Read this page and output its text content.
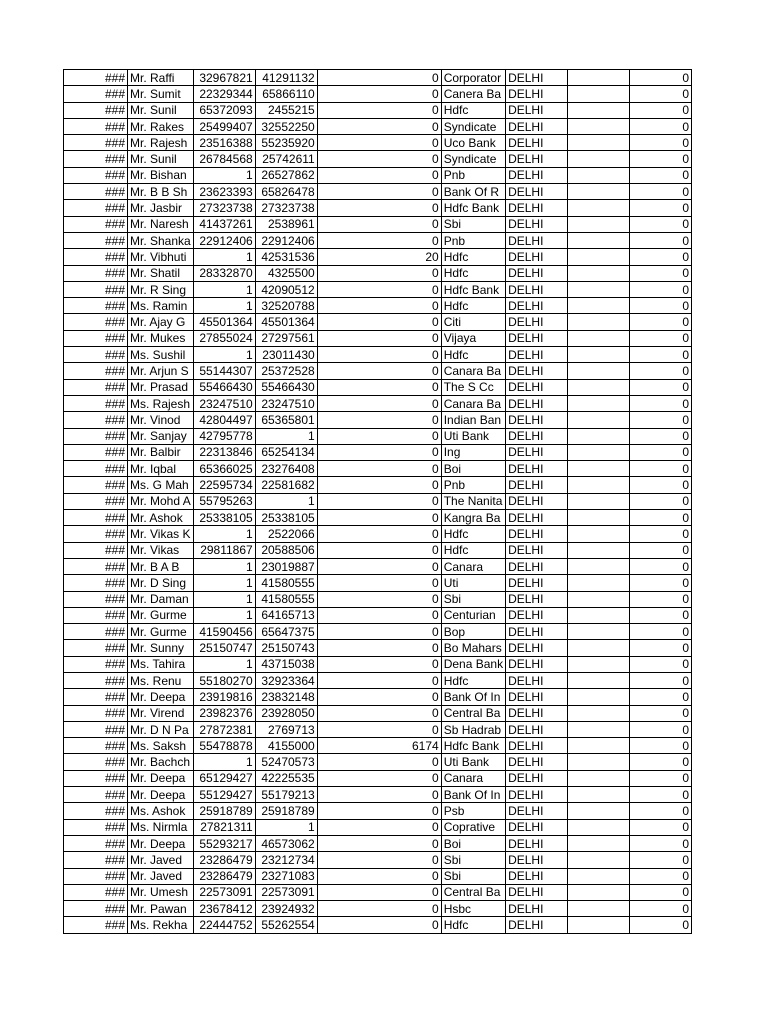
###	Mr. Raffi	32967821	41291132	0	Corporator	DELHI		0
###	Mr. Sumit	22329344	65866110	0	Canera Ba	DELHI		0
###	Mr. Sunil	65372093	2455215	0	Hdfc	DELHI		0
###	Mr. Rakes	25499407	32552250	0	Syndicate	DELHI		0
###	Mr. Rajesh	23516388	55235920	0	Uco Bank	DELHI		0
###	Mr. Sunil	26784568	25742611	0	Syndicate	DELHI		0
###	Mr. Bishan	1	26527862	0	Pnb	DELHI		0
###	Mr. B B Sh	23623393	65826478	0	Bank Of R	DELHI		0
###	Mr. Jasbir	27323738	27323738	0	Hdfc Bank	DELHI		0
###	Mr. Naresh	41437261	2538961	0	Sbi	DELHI		0
###	Mr. Shanka	22912406	22912406	0	Pnb	DELHI		0
###	Mr. Vibhuti	1	42531536	20	Hdfc	DELHI		0
###	Mr. Shatil	28332870	4325500	0	Hdfc	DELHI		0
###	Mr. R Sing	1	42090512	0	Hdfc Bank	DELHI		0
###	Ms. Ramin	1	32520788	0	Hdfc	DELHI		0
###	Mr. Ajay G	45501364	45501364	0	Citi	DELHI		0
###	Mr. Mukes	27855024	27297561	0	Vijaya	DELHI		0
###	Ms. Sushil	1	23011430	0	Hdfc	DELHI		0
###	Mr. Arjun S	55144307	25372528	0	Canara Ba	DELHI		0
###	Mr. Prasad	55466430	55466430	0	The S Cc	DELHI		0
###	Ms. Rajesh	23247510	23247510	0	Canara Ba	DELHI		0
###	Mr. Vinod	42804497	65365801	0	Indian Ban	DELHI		0
###	Mr. Sanjay	42795778	1	0	Uti Bank	DELHI		0
###	Mr. Balbir	22313846	65254134	0	Ing	DELHI		0
###	Mr. Iqbal	65366025	23276408	0	Boi	DELHI		0
###	Ms. G Mah	22595734	22581682	0	Pnb	DELHI		0
###	Mr. Mohd A	55795263	1	0	The Nanita	DELHI		0
###	Mr. Ashok	25338105	25338105	0	Kangra Ba	DELHI		0
###	Mr. Vikas K	1	2522066	0	Hdfc	DELHI		0
###	Mr. Vikas	29811867	20588506	0	Hdfc	DELHI		0
###	Mr. B A B	1	23019887	0	Canara	DELHI		0
###	Mr. D Sing	1	41580555	0	Uti	DELHI		0
###	Mr. Daman	1	41580555	0	Sbi	DELHI		0
###	Mr. Gurme	1	64165713	0	Centurian	DELHI		0
###	Mr. Gurme	41590456	65647375	0	Bop	DELHI		0
###	Mr. Sunny	25150747	25150743	0	Bo Mahars	DELHI		0
###	Ms. Tahira	1	43715038	0	Dena Bank	DELHI		0
###	Ms. Renu	55180270	32923364	0	Hdfc	DELHI		0
###	Mr. Deepa	23919816	23832148	0	Bank Of In	DELHI		0
###	Mr. Virend	23982376	23928050	0	Central Ba	DELHI		0
###	Mr. D N Pa	27872381	2769713	0	Sb Hadrab	DELHI		0
###	Ms. Saksh	55478878	4155000	6174	Hdfc Bank	DELHI		0
###	Mr. Bachch	1	52470573	0	Uti Bank	DELHI		0
###	Mr. Deepa	65129427	42225535	0	Canara	DELHI		0
###	Mr. Deepa	55129427	55179213	0	Bank Of In	DELHI		0
###	Ms. Ashok	25918789	25918789	0	Psb	DELHI		0
###	Ms. Nirmla	27821311	1	0	Coprative	DELHI		0
###	Mr. Deepa	55293217	46573062	0	Boi	DELHI		0
###	Mr. Javed	23286479	23212734	0	Sbi	DELHI		0
###	Mr. Javed	23286479	23271083	0	Sbi	DELHI		0
###	Mr. Umesh	22573091	22573091	0	Central Ba	DELHI		0
###	Mr. Pawan	23678412	23924932	0	Hsbc	DELHI		0
###	Ms. Rekha	22444752	55262554	0	Hdfc	DELHI		0
